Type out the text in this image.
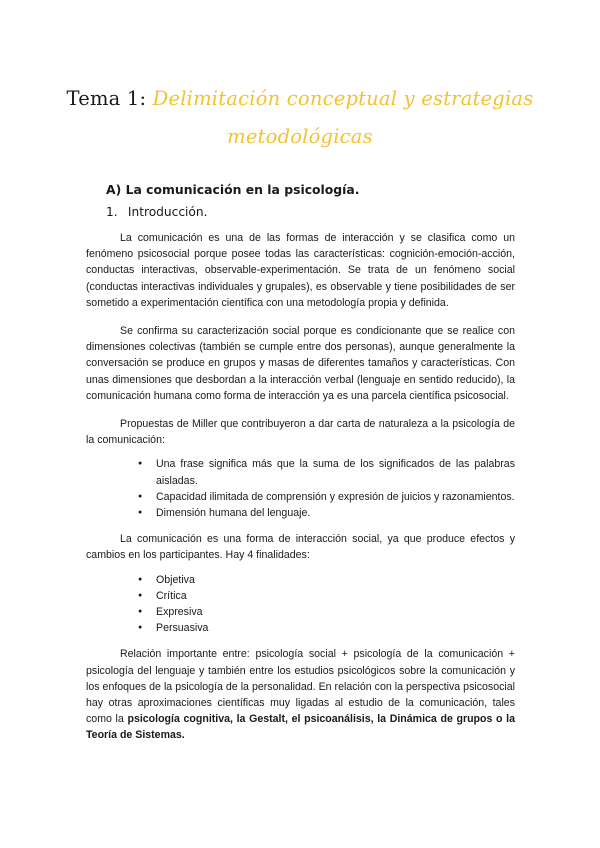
Tema 1: Delimitación conceptual y estrategias metodológicas
A) La comunicación en la psicología.
1. Introducción.

La comunicación es una de las formas de interacción y se clasifica como un fenómeno psicosocial porque posee todas las características: cognición-emoción-acción, conductas interactivas, observable-experimentación. Se trata de un fenómeno social (conductas interactivas individuales y grupales), es observable y tiene posibilidades de ser sometido a experimentación científica con una metodología propia y definida.

Se confirma su caracterización social porque es condicionante que se realice con dimensiones colectivas (también se cumple entre dos personas), aunque generalmente la conversación se produce en grupos y masas de diferentes tamaños y características. Con unas dimensiones que desbordan a la interacción verbal (lenguaje en sentido reducido), la comunicación humana como forma de interacción ya es una parcela científica psicosocial.

Propuestas de Miller que contribuyeron a dar carta de naturaleza a la psicología de la comunicación:

● Una frase significa más que la suma de los significados de las palabras aisladas.
● Capacidad ilimitada de comprensión y expresión de juicios y razonamientos.
● Dimensión humana del lenguaje.

La comunicación es una forma de interacción social, ya que produce efectos y cambios en los participantes. Hay 4 finalidades:

● Objetiva
● Crítica
● Expresiva
● Persuasiva

Relación importante entre: psicología social + psicología de la comunicación + psicología del lenguaje y también entre los estudios psicológicos sobre la comunicación y los enfoques de la psicología de la personalidad. En relación con la perspectiva psicosocial hay otras aproximaciones científicas muy ligadas al estudio de la comunicación, tales como la psicología cognitiva, la Gestalt, el psicoanálisis, la Dinámica de grupos o la Teoría de Sistemas.
